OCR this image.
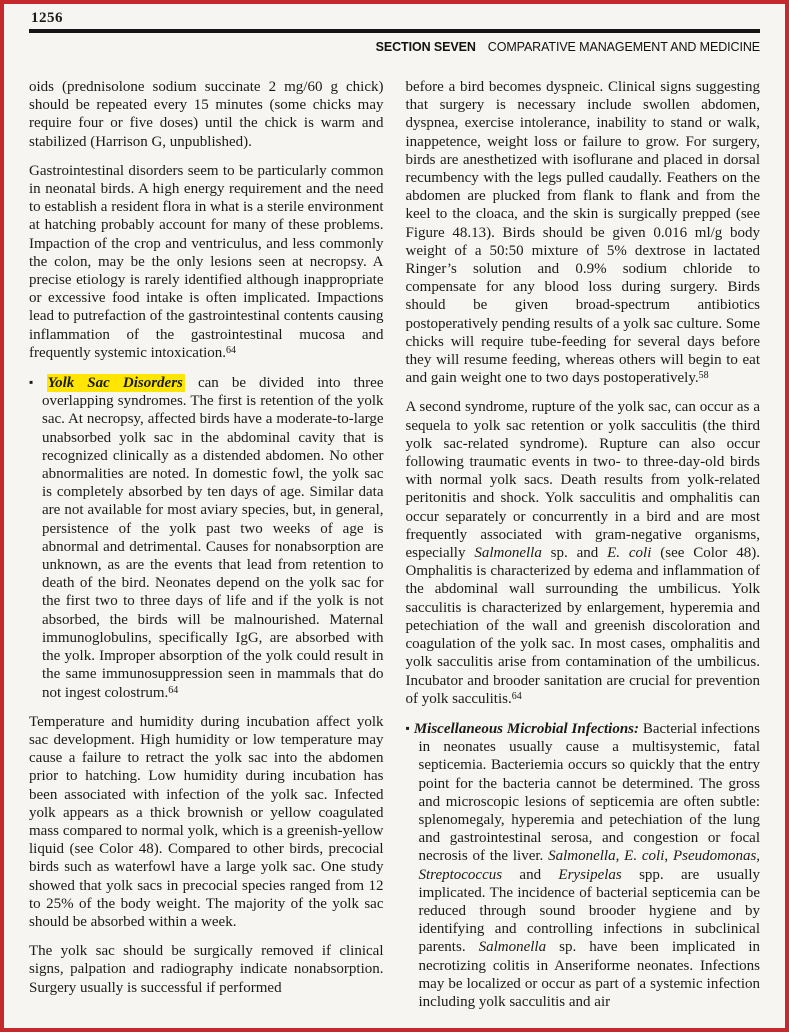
1256
SECTION SEVEN COMPARATIVE MANAGEMENT AND MEDICINE

oids (prednisolone sodium succinate 2 mg/60 g chick) should be repeated every 15 minutes (some chicks may require four or five doses) until the chick is warm and stabilized (Harrison G, unpublished).

Gastrointestinal disorders seem to be particularly common in neonatal birds. A high energy requirement and the need to establish a resident flora in what is a sterile environment at hatching probably account for many of these problems. Impaction of the crop and ventriculus, and less commonly the colon, may be the only lesions seen at necropsy. A precise etiology is rarely identified although inappropriate or excessive food intake is often implicated. Impactions lead to putrefaction of the gastrointestinal contents causing inflammation of the gastrointestinal mucosa and frequently systemic intoxication.$^{64}$

▪ Yolk Sac Disorders can be divided into three overlapping syndromes. The first is retention of the yolk sac. At necropsy, affected birds have a moderate-to-large unabsorbed yolk sac in the abdominal cavity that is recognized clinically as a distended abdomen. No other abnormalities are noted. In domestic fowl, the yolk sac is completely absorbed by ten days of age. Similar data are not available for most aviary species, but, in general, persistence of the yolk past two weeks of age is abnormal and detrimental. Causes for nonabsorption are unknown, as are the events that lead from retention to death of the bird. Neonates depend on the yolk sac for the first two to three days of life and if the yolk is not absorbed, the birds will be malnourished. Maternal immunoglobulins, specifically IgG, are absorbed with the yolk. Improper absorption of the yolk could result in the same immunosuppression seen in mammals that do not ingest colostrum.$^{64}$

Temperature and humidity during incubation affect yolk sac development. High humidity or low temperature may cause a failure to retract the yolk sac into the abdomen prior to hatching. Low humidity during incubation has been associated with infection of the yolk sac. Infected yolk appears as a thick brownish or yellow coagulated mass compared to normal yolk, which is a greenish-yellow liquid (see Color 48). Compared to other birds, precocial birds such as waterfowl have a large yolk sac. One study showed that yolk sacs in precocial species ranged from 12 to 25% of the body weight. The majority of the yolk sac should be absorbed within a week.

The yolk sac should be surgically removed if clinical signs, palpation and radiography indicate nonabsorption. Surgery usually is successful if performed

before a bird becomes dyspneic. Clinical signs suggesting that surgery is necessary include swollen abdomen, dyspnea, exercise intolerance, inability to stand or walk, inappetence, weight loss or failure to grow. For surgery, birds are anesthetized with isoflurane and placed in dorsal recumbency with the legs pulled caudally. Feathers on the abdomen are plucked from flank to flank and from the keel to the cloaca, and the skin is surgically prepped (see Figure 48.13). Birds should be given 0.016 ml/g body weight of a 50:50 mixture of 5% dextrose in lactated Ringer’s solution and 0.9% sodium chloride to compensate for any blood loss during surgery. Birds should be given broad-spectrum antibiotics postoperatively pending results of a yolk sac culture. Some chicks will require tube-feeding for several days before they will resume feeding, whereas others will begin to eat and gain weight one to two days postoperatively.$^{58}$

A second syndrome, rupture of the yolk sac, can occur as a sequela to yolk sac retention or yolk sacculitis (the third yolk sac-related syndrome). Rupture can also occur following traumatic events in two- to three-day-old birds with normal yolk sacs. Death results from yolk-related peritonitis and shock. Yolk sacculitis and omphalitis can occur separately or concurrently in a bird and are most frequently associated with gram-negative organisms, especially Salmonella sp. and E. coli (see Color 48). Omphalitis is characterized by edema and inflammation of the abdominal wall surrounding the umbilicus. Yolk sacculitis is characterized by enlargement, hyperemia and petechiation of the wall and greenish discoloration and coagulation of the yolk sac. In most cases, omphalitis and yolk sacculitis arise from contamination of the umbilicus. Incubator and brooder sanitation are crucial for prevention of yolk sacculitis.$^{64}$

▪ Miscellaneous Microbial Infections: Bacterial infections in neonates usually cause a multisystemic, fatal septicemia. Bacteriemia occurs so quickly that the entry point for the bacteria cannot be determined. The gross and microscopic lesions of septicemia are often subtle: splenomegaly, hyperemia and petechiation of the lung and gastrointestinal serosa, and congestion or focal necrosis of the liver. Salmonella, E. coli, Pseudomonas, Streptococcus and Erysipelas spp. are usually implicated. The incidence of bacterial septicemia can be reduced through sound brooder hygiene and by identifying and controlling infections in subclinical parents. Salmonella sp. have been implicated in necrotizing colitis in Anseriforme neonates. Infections may be localized or occur as part of a systemic infection including yolk sacculitis and air
